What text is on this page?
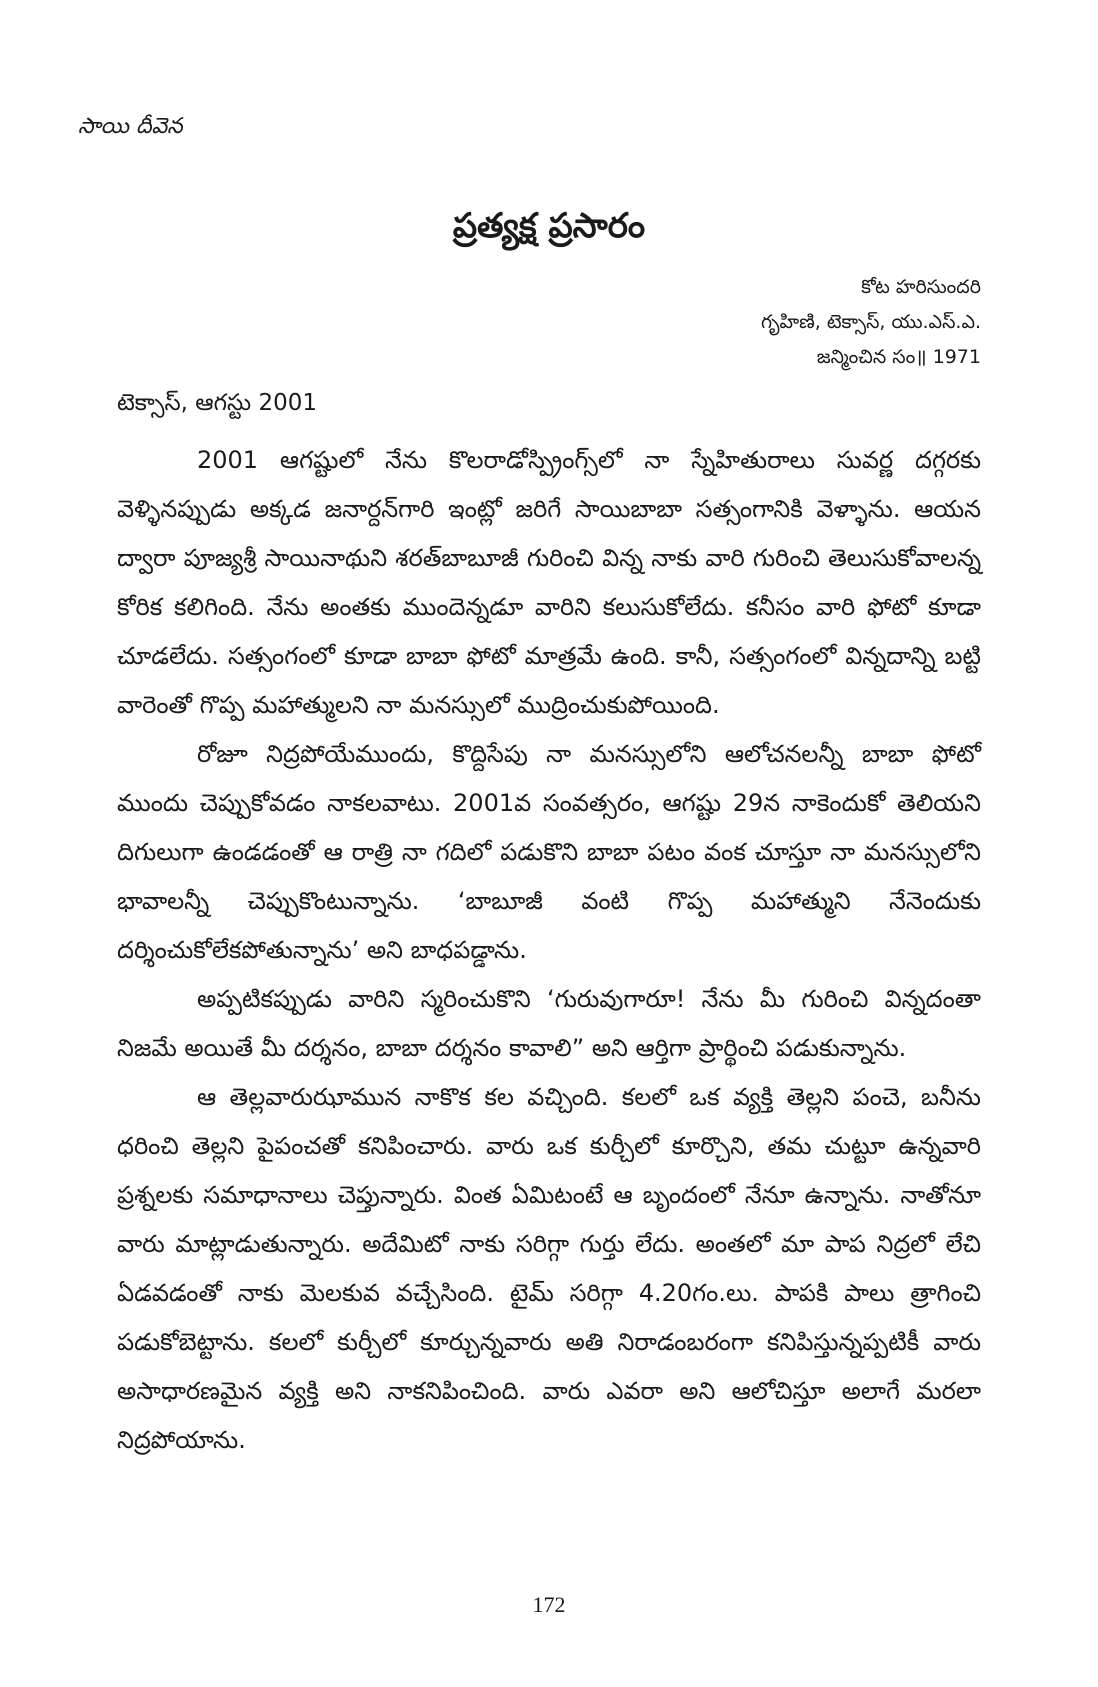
సాయి దీవెన
ప్రత్యక్ష ప్రసారం
కోట హరిసుందరి
గృహిణి, టెక్సాస్, యు.ఎస్.ఎ.
జన్మించిన సం॥ 1971
టెక్సాస్, ఆగస్టు 2001

2001 ఆగష్టులో నేను కొలరాడోస్ప్రింగ్స్‌లో నా స్నేహితురాలు సువర్ణ దగ్గరకు వెళ్ళినప్పుడు అక్కడ జనార్దన్‌గారి ఇంట్లో జరిగే సాయిబాబా సత్సంగానికి వెళ్ళాను. ఆయన ద్వారా పూజ్యశ్రీ సాయినాథుని శరత్‌బాబూజీ గురించి విన్న నాకు వారి గురించి తెలుసుకోవాలన్న కోరిక కలిగింది. నేను అంతకు ముందెన్నడూ వారిని కలుసుకోలేదు. కనీసం వారి ఫోటో కూడా చూడలేదు. సత్సంగంలో కూడా బాబా ఫోటో మాత్రమే ఉంది. కానీ, సత్సంగంలో విన్నదాన్ని బట్టి వారెంతో గొప్ప మహాత్ములని నా మనస్సులో ముద్రించుకుపోయింది.

రోజూ నిద్రపోయేముందు, కొద్దిసేపు నా మనస్సులోని ఆలోచనలన్నీ బాబా ఫోటో ముందు చెప్పుకోవడం నాకలవాటు. 2001వ సంవత్సరం, ఆగష్టు 29న నాకెందుకో తెలియని దిగులుగా ఉండడంతో ఆ రాత్రి నా గదిలో పడుకొని బాబా పటం వంక చూస్తూ నా మనస్సులోని భావాలన్నీ చెప్పుకొంటున్నాను. ‘బాబూజీ వంటి గొప్ప మహాత్ముని నేనెందుకు దర్శించుకోలేకపోతున్నాను’ అని బాధపడ్డాను.

అప్పటికప్పుడు వారిని స్మరించుకొని ‘గురువుగారూ! నేను మీ గురించి విన్నదంతా నిజమే అయితే మీ దర్శనం, బాబా దర్శనం కావాలి” అని ఆర్తిగా ప్రార్థించి పడుకున్నాను.

ఆ తెల్లవారుఝామున నాకొక కల వచ్చింది. కలలో ఒక వ్యక్తి తెల్లని పంచె, బనీను ధరించి తెల్లని పైపంచతో కనిపించారు. వారు ఒక కుర్చీలో కూర్చొని, తమ చుట్టూ ఉన్నవారి ప్రశ్నలకు సమాధానాలు చెప్తున్నారు. వింత ఏమిటంటే ఆ బృందంలో నేనూ ఉన్నాను. నాతోనూ వారు మాట్లాడుతున్నారు. అదేమిటో నాకు సరిగ్గా గుర్తు లేదు. అంతలో మా పాప నిద్రలో లేచి ఏడవడంతో నాకు మెలకువ వచ్చేసింది. టైమ్ సరిగ్గా 4.20గం.లు. పాపకి పాలు త్రాగించి పడుకోబెట్టాను. కలలో కుర్చీలో కూర్చున్నవారు అతి నిరాడంబరంగా కనిపిస్తున్నప్పటికీ వారు అసాధారణమైన వ్యక్తి అని నాకనిపించింది. వారు ఎవరా అని ఆలోచిస్తూ అలాగే మరలా నిద్రపోయాను.

172
